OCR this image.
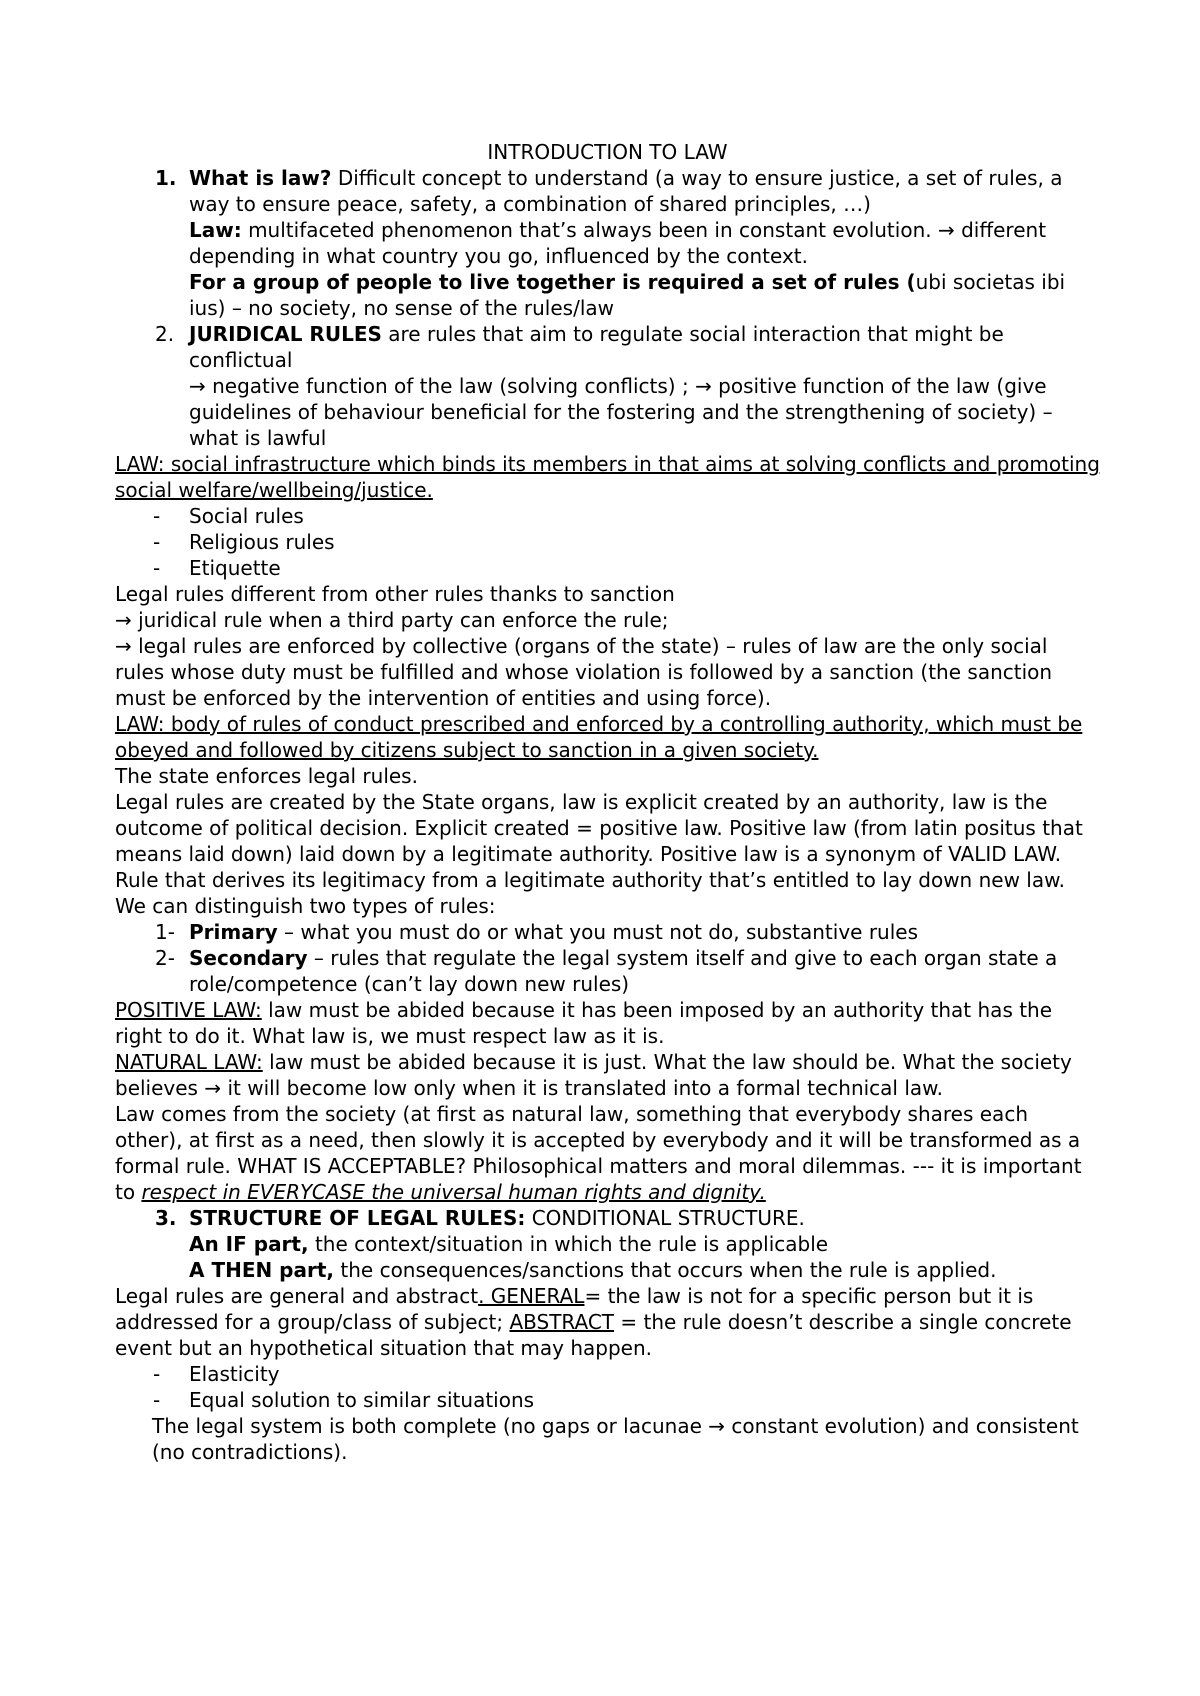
INTRODUCTION TO LAW

1. What is law? Difficult concept to understand (a way to ensure justice, a set of rules, a way to ensure peace, safety, a combination of shared principles, …)

Law: multifaceted phenomenon that’s always been in constant evolution. → different depending in what country you go, influenced by the context.

For a group of people to live together is required a set of rules (ubi societas ibi ius) – no society, no sense of the rules/law

2. JURIDICAL RULES are rules that aim to regulate social interaction that might be conflictual

→ negative function of the law (solving conflicts) ; → positive function of the law (give guidelines of behaviour beneficial for the fostering and the strengthening of society) – what is lawful

LAW: social infrastructure which binds its members in that aims at solving conflicts and promoting social welfare/wellbeing/justice.

- Social rules

- Religious rules

- Etiquette

Legal rules different from other rules thanks to sanction

→ juridical rule when a third party can enforce the rule;

→ legal rules are enforced by collective (organs of the state) – rules of law are the only social rules whose duty must be fulfilled and whose violation is followed by a sanction (the sanction must be enforced by the intervention of entities and using force).

LAW: body of rules of conduct prescribed and enforced by a controlling authority, which must be obeyed and followed by citizens subject to sanction in a given society.

The state enforces legal rules.

Legal rules are created by the State organs, law is explicit created by an authority, law is the outcome of political decision. Explicit created = positive law. Positive law (from latin positus that means laid down) laid down by a legitimate authority. Positive law is a synonym of VALID LAW. Rule that derives its legitimacy from a legitimate authority that’s entitled to lay down new law.

We can distinguish two types of rules:

1- Primary – what you must do or what you must not do, substantive rules

2- Secondary – rules that regulate the legal system itself and give to each organ state a role/competence (can’t lay down new rules)

POSITIVE LAW: law must be abided because it has been imposed by an authority that has the right to do it. What law is, we must respect law as it is.

NATURAL LAW: law must be abided because it is just. What the law should be. What the society believes → it will become low only when it is translated into a formal technical law.

Law comes from the society (at first as natural law, something that everybody shares each other), at first as a need, then slowly it is accepted by everybody and it will be transformed as a formal rule. WHAT IS ACCEPTABLE? Philosophical matters and moral dilemmas. --- it is important to respect in EVERYCASE the universal human rights and dignity.

3. STRUCTURE OF LEGAL RULES: CONDITIONAL STRUCTURE.

An IF part, the context/situation in which the rule is applicable

A THEN part, the consequences/sanctions that occurs when the rule is applied.

Legal rules are general and abstract. GENERAL= the law is not for a specific person but it is addressed for a group/class of subject; ABSTRACT = the rule doesn’t describe a single concrete event but an hypothetical situation that may happen.

- Elasticity

- Equal solution to similar situations

The legal system is both complete (no gaps or lacunae → constant evolution) and consistent (no contradictions).
